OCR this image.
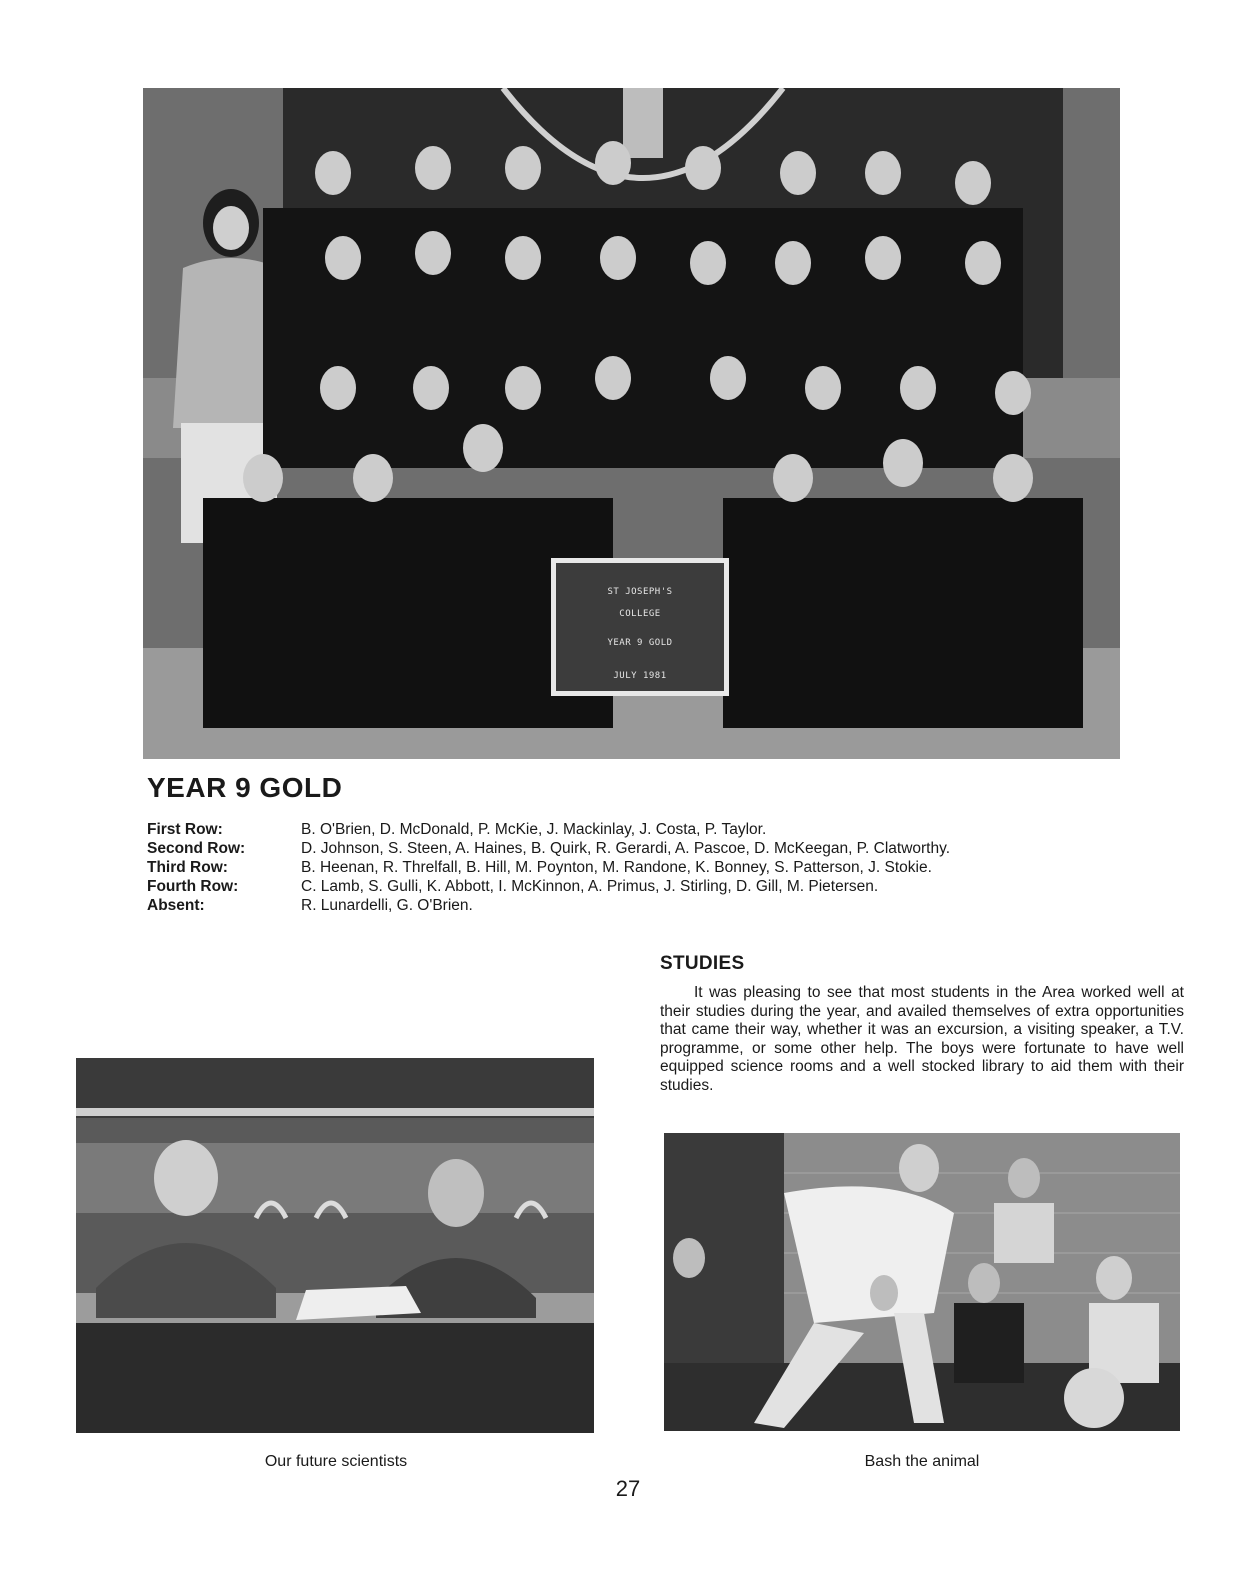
ST JOSEPH'S
COLLEGE
YEAR 9 GOLD
JULY 1981
YEAR 9 GOLD
First Row:	B. O'Brien, D. McDonald, P. McKie, J. Mackinlay, J. Costa, P. Taylor.
Second Row:	D. Johnson, S. Steen, A. Haines, B. Quirk, R. Gerardi, A. Pascoe, D. McKeegan, P. Clatworthy.
Third Row:	B. Heenan, R. Threlfall, B. Hill, M. Poynton, M. Randone, K. Bonney, S. Patterson, J. Stokie.
Fourth Row:	C. Lamb, S. Gulli, K. Abbott, I. McKinnon, A. Primus, J. Stirling, D. Gill, M. Pietersen.
Absent:	R. Lunardelli, G. O'Brien.
STUDIES

It was pleasing to see that most students in the Area worked well at their studies during the year, and availed themselves of extra opportunities that came their way, whether it was an excursion, a visiting speaker, a T.V. programme, or some other help. The boys were fortunate to have well equipped science rooms and a well stocked library to aid them with their studies.

Our future scientists	Bash the animal
27
